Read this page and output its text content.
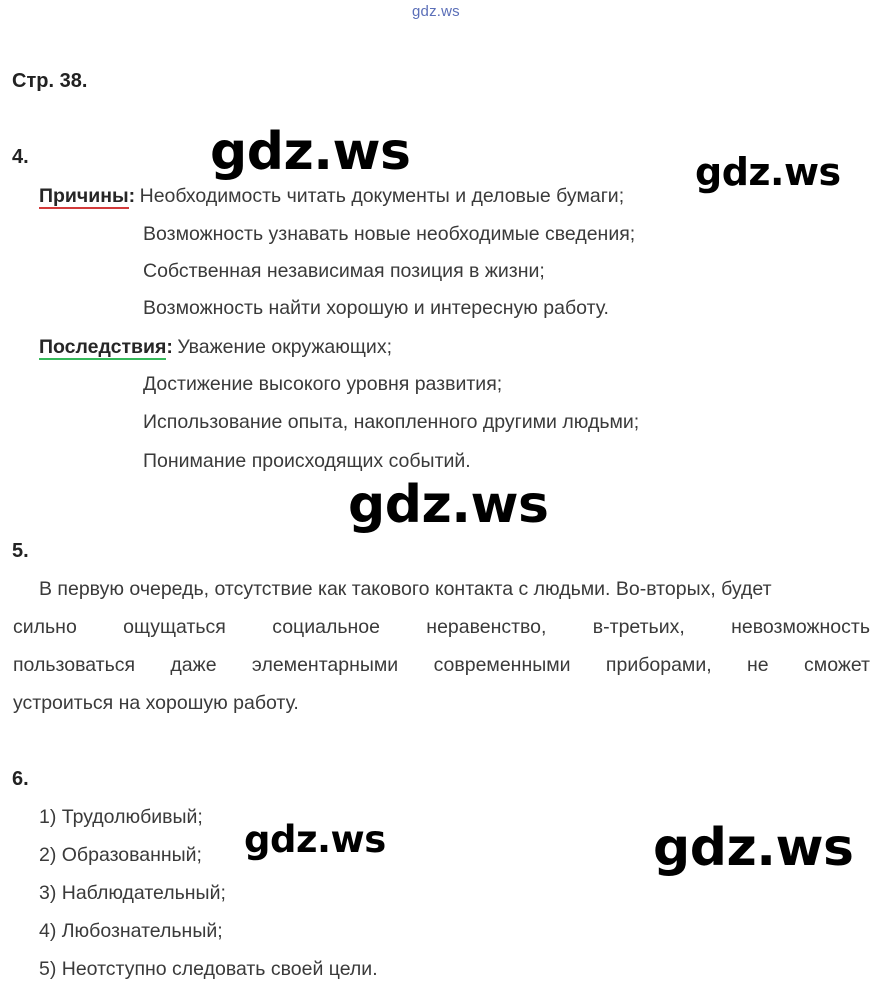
gdz.ws
Стр. 38.
4.
Причины: Необходимость читать документы и деловые бумаги;
Возможность узнавать новые необходимые сведения;
Собственная независимая позиция в жизни;
Возможность найти хорошую и интересную работу.
Последствия: Уважение окружающих;
Достижение высокого уровня развития;
Использование опыта, накопленного другими людьми;
Понимание происходящих событий.
5.
В первую очередь, отсутствие как такового контакта с людьми. Во-вторых, будет
сильно ощущаться социальное неравенство, в-третьих, невозможность
пользоваться даже элементарными современными приборами, не сможет
устроиться на хорошую работу.
6.
1) Трудолюбивый;
2) Образованный;
3) Наблюдательный;
4) Любознательный;
5) Неотступно следовать своей цели.
gdz.ws	gdz.ws
gdz.ws
gdz.ws	gdz.ws
